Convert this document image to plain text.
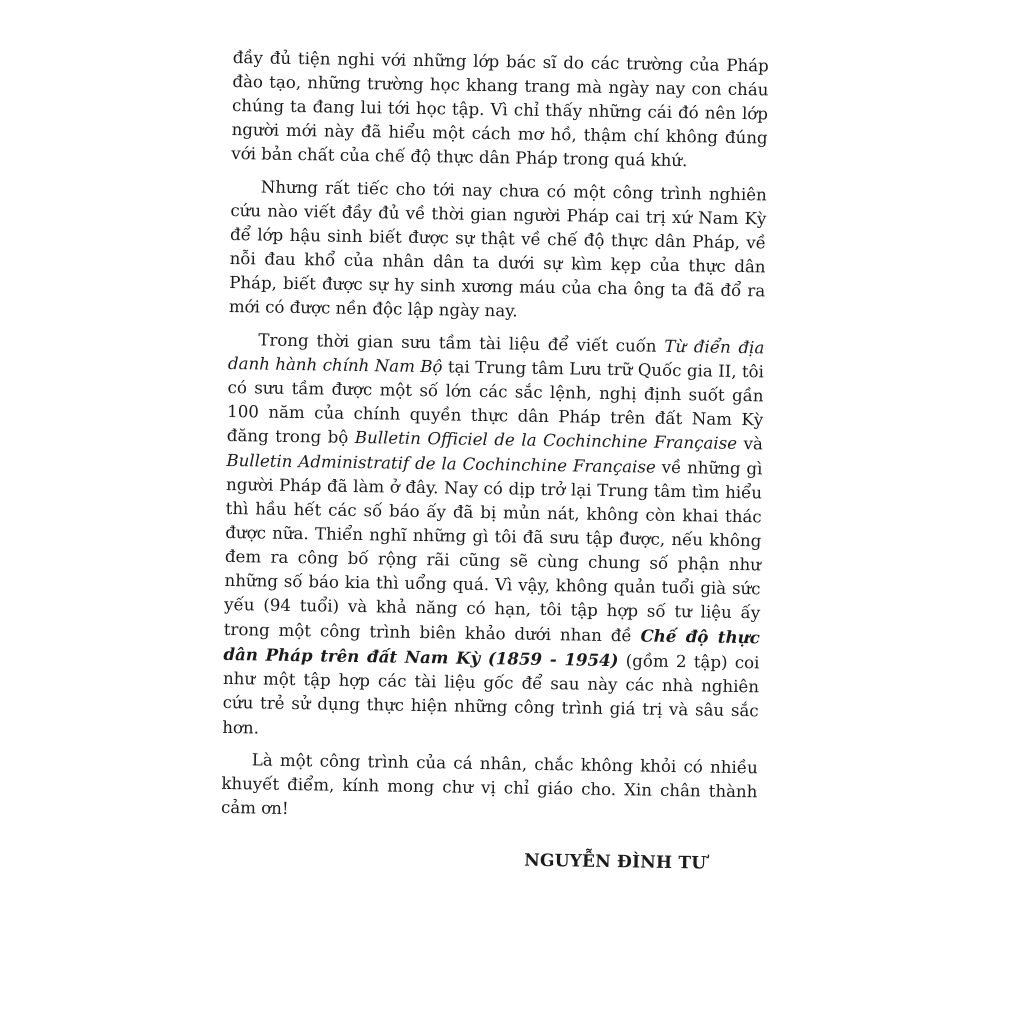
đầy đủ tiện nghi với những lớp bác sĩ do các trường của Pháp đào tạo, những trường học khang trang mà ngày nay con cháu chúng ta đang lui tới học tập. Vì chỉ thấy những cái đó nên lớp người mới này đã hiểu một cách mơ hồ, thậm chí không đúng với bản chất của chế độ thực dân Pháp trong quá khứ.

Nhưng rất tiếc cho tới nay chưa có một công trình nghiên cứu nào viết đầy đủ về thời gian người Pháp cai trị xứ Nam Kỳ để lớp hậu sinh biết được sự thật về chế độ thực dân Pháp, về nỗi đau khổ của nhân dân ta dưới sự kìm kẹp của thực dân Pháp, biết được sự hy sinh xương máu của cha ông ta đã đổ ra mới có được nền độc lập ngày nay.

Trong thời gian sưu tầm tài liệu để viết cuốn Từ điển địa danh hành chính Nam Bộ tại Trung tâm Lưu trữ Quốc gia II, tôi có sưu tầm được một số lớn các sắc lệnh, nghị định suốt gần 100 năm của chính quyền thực dân Pháp trên đất Nam Kỳ đăng trong bộ Bulletin Officiel de la Cochinchine Française và Bulletin Administratif de la Cochinchine Française về những gì người Pháp đã làm ở đây. Nay có dịp trở lại Trung tâm tìm hiểu thì hầu hết các số báo ấy đã bị mủn nát, không còn khai thác được nữa. Thiển nghĩ những gì tôi đã sưu tập được, nếu không đem ra công bố rộng rãi cũng sẽ cùng chung số phận như những số báo kia thì uổng quá. Vì vậy, không quản tuổi già sức yếu (94 tuổi) và khả năng có hạn, tôi tập hợp số tư liệu ấy trong một công trình biên khảo dưới nhan đề Chế độ thực dân Pháp trên đất Nam Kỳ (1859 - 1954) (gồm 2 tập) coi như một tập hợp các tài liệu gốc để sau này các nhà nghiên cứu trẻ sử dụng thực hiện những công trình giá trị và sâu sắc hơn.

Là một công trình của cá nhân, chắc không khỏi có nhiều khuyết điểm, kính mong chư vị chỉ giáo cho. Xin chân thành cảm ơn!

NGUYỄN ĐÌNH TƯ
